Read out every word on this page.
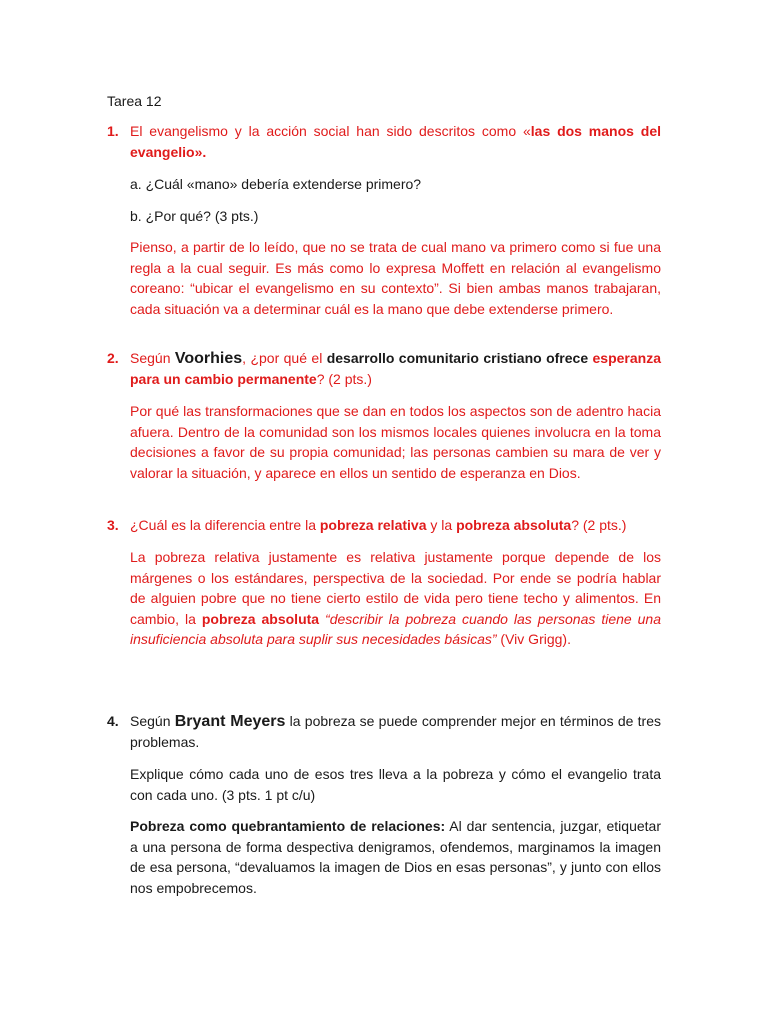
Tarea 12
1. El evangelismo y la acción social han sido descritos como «las dos manos del evangelio».
a. ¿Cuál «mano» debería extenderse primero?
b. ¿Por qué? (3 pts.)
Pienso, a partir de lo leído, que no se trata de cual mano va primero como si fue una regla a la cual seguir. Es más como lo expresa Moffett en relación al evangelismo coreano: “ubicar el evangelismo en su contexto”. Si bien ambas manos trabajaran, cada situación va a determinar cuál es la mano que debe extenderse primero.
2. Según Voorhies, ¿por qué el desarrollo comunitario cristiano ofrece esperanza para un cambio permanente? (2 pts.)
Por qué las transformaciones que se dan en todos los aspectos son de adentro hacia afuera. Dentro de la comunidad son los mismos locales quienes involucra en la toma decisiones a favor de su propia comunidad; las personas cambien su mara de ver y valorar la situación, y aparece en ellos un sentido de esperanza en Dios.
3. ¿Cuál es la diferencia entre la pobreza relativa y la pobreza absoluta? (2 pts.)
La pobreza relativa justamente es relativa justamente porque depende de los márgenes o los estándares, perspectiva de la sociedad. Por ende se podría hablar de alguien pobre que no tiene cierto estilo de vida pero tiene techo y alimentos. En cambio, la pobreza absoluta “describir la pobreza cuando las personas tiene una insuficiencia absoluta para suplir sus necesidades básicas” (Viv Grigg).
4. Según Bryant Meyers la pobreza se puede comprender mejor en términos de tres problemas.
Explique cómo cada uno de esos tres lleva a la pobreza y cómo el evangelio trata con cada uno. (3 pts. 1 pt c/u)
Pobreza como quebrantamiento de relaciones: Al dar sentencia, juzgar, etiquetar a una persona de forma despectiva denigramos, ofendemos, marginamos la imagen de esa persona, “devaluamos la imagen de Dios en esas personas”, y junto con ellos nos empobrecemos.
